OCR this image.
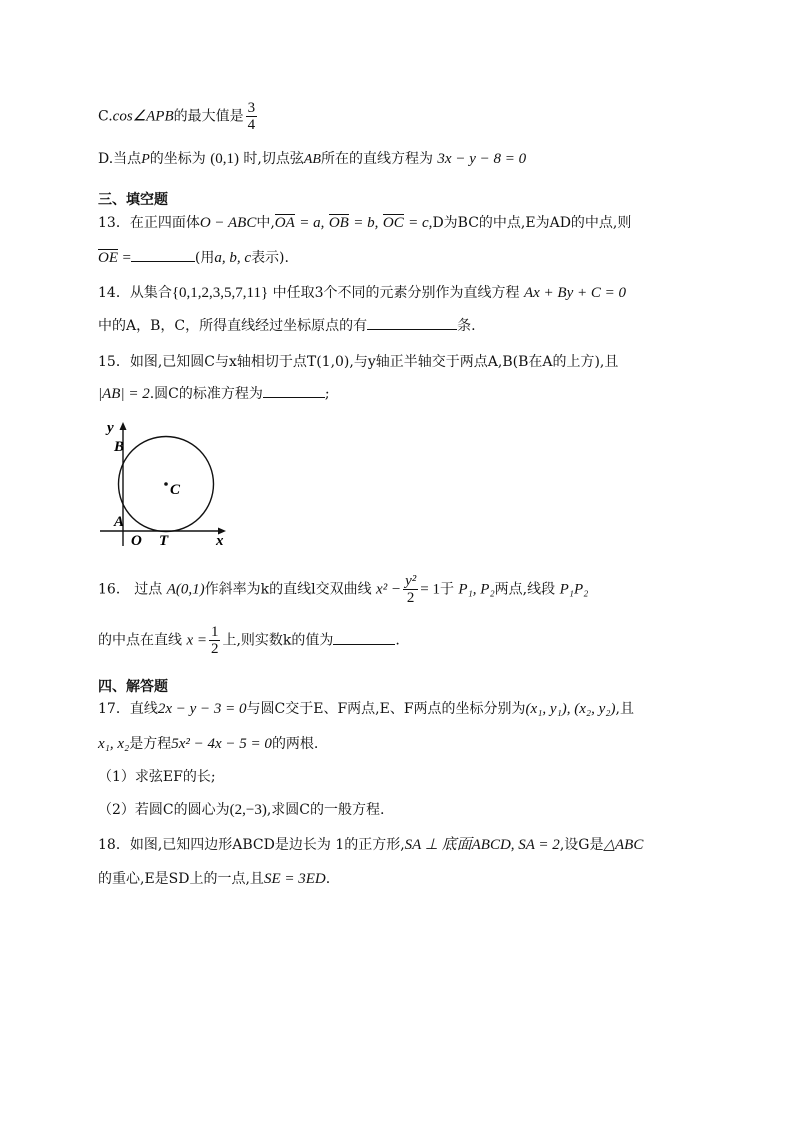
C.cos∠APB的最大值是 $\frac{3}{4}$
D.当点P的坐标为 (0,1) 时,切点弦AB所在的直线方程为 3x − y − 8 = 0
三、填空题
13．在正四面体O − ABC中,OA = a, OB = b, OC = c,D为BC的中点,E为AD的中点,则
OE =	(用a, b, c表示).
14．从集合{0,1,2,3,5,7,11} 中任取3个不同的元素分别作为直线方程 Ax + By + C = 0
中的A，B，C，所得直线经过坐标原点的有	条.
15．如图,已知圆C与x轴相切于点T(1,0),与y轴正半轴交于两点A,B(B在A的上方),且
|AB| = 2.圆C的标准方程为	;
y
B
C
A
O T	x
16． 过点 A(0,1)作斜率为k的直线l交双曲线 $x^2 - \frac{\text{y²}}{2} = 1$于 P₁, P₂两点,线段 P₁P₂
的中点在直线 $x = \frac{1}{2}$ 上,则实数k的值为	.
四、解答题
17．直线2x − y − 3 = 0与圆C交于E、F两点,E、F两点的坐标分别为(x₁, y₁), (x₂, y₂),且
x₁, x₂是方程5x² − 4x − 5 = 0的两根.
（1）求弦EF的长;
（2）若圆C的圆心为(2,−3),求圆C的一般方程.
18．如图,已知四边形ABCD是边长为 1的正方形,SA ⊥ 底面ABCD, SA = 2,设G是△ABC
的重心,E是SD上的一点,且SE = 3ED.
